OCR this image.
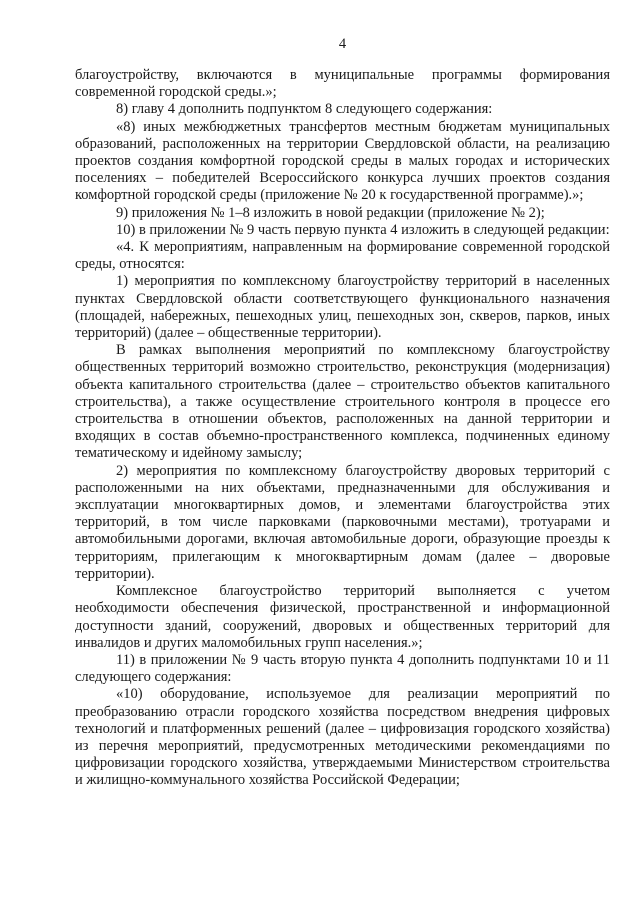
4

благоустройству, включаются в муниципальные программы формирования современной городской среды.»;

8) главу 4 дополнить подпунктом 8 следующего содержания:

«8) иных межбюджетных трансфертов местным бюджетам муниципальных образований, расположенных на территории Свердловской области, на реализацию проектов создания комфортной городской среды в малых городах и исторических поселениях – победителей Всероссийского конкурса лучших проектов создания комфортной городской среды (приложение № 20 к государственной программе).»;

9) приложения № 1–8 изложить в новой редакции (приложение № 2);

10) в приложении № 9 часть первую пункта 4 изложить в следующей редакции:

«4. К мероприятиям, направленным на формирование современной городской среды, относятся:

1) мероприятия по комплексному благоустройству территорий в населенных пунктах Свердловской области соответствующего функционального назначения (площадей, набережных, пешеходных улиц, пешеходных зон, скверов, парков, иных территорий) (далее – общественные территории).

В рамках выполнения мероприятий по комплексному благоустройству общественных территорий возможно строительство, реконструкция (модернизация) объекта капитального строительства (далее – строительство объектов капитального строительства), а также осуществление строительного контроля в процессе его строительства в отношении объектов, расположенных на данной территории и входящих в состав объемно-пространственного комплекса, подчиненных единому тематическому и идейному замыслу;

2) мероприятия по комплексному благоустройству дворовых территорий с расположенными на них объектами, предназначенными для обслуживания и эксплуатации многоквартирных домов, и элементами благоустройства этих территорий, в том числе парковками (парковочными местами), тротуарами и автомобильными дорогами, включая автомобильные дороги, образующие проезды к территориям, прилегающим к многоквартирным домам (далее – дворовые территории).

Комплексное благоустройство территорий выполняется с учетом необходимости обеспечения физической, пространственной и информационной доступности зданий, сооружений, дворовых и общественных территорий для инвалидов и других маломобильных групп населения.»;

11) в приложении № 9 часть вторую пункта 4 дополнить подпунктами 10 и 11 следующего содержания:

«10) оборудование, используемое для реализации мероприятий по преобразованию отрасли городского хозяйства посредством внедрения цифровых технологий и платформенных решений (далее – цифровизация городского хозяйства) из перечня мероприятий, предусмотренных методическими рекомендациями по цифровизации городского хозяйства, утверждаемыми Министерством строительства и жилищно-коммунального хозяйства Российской Федерации;
